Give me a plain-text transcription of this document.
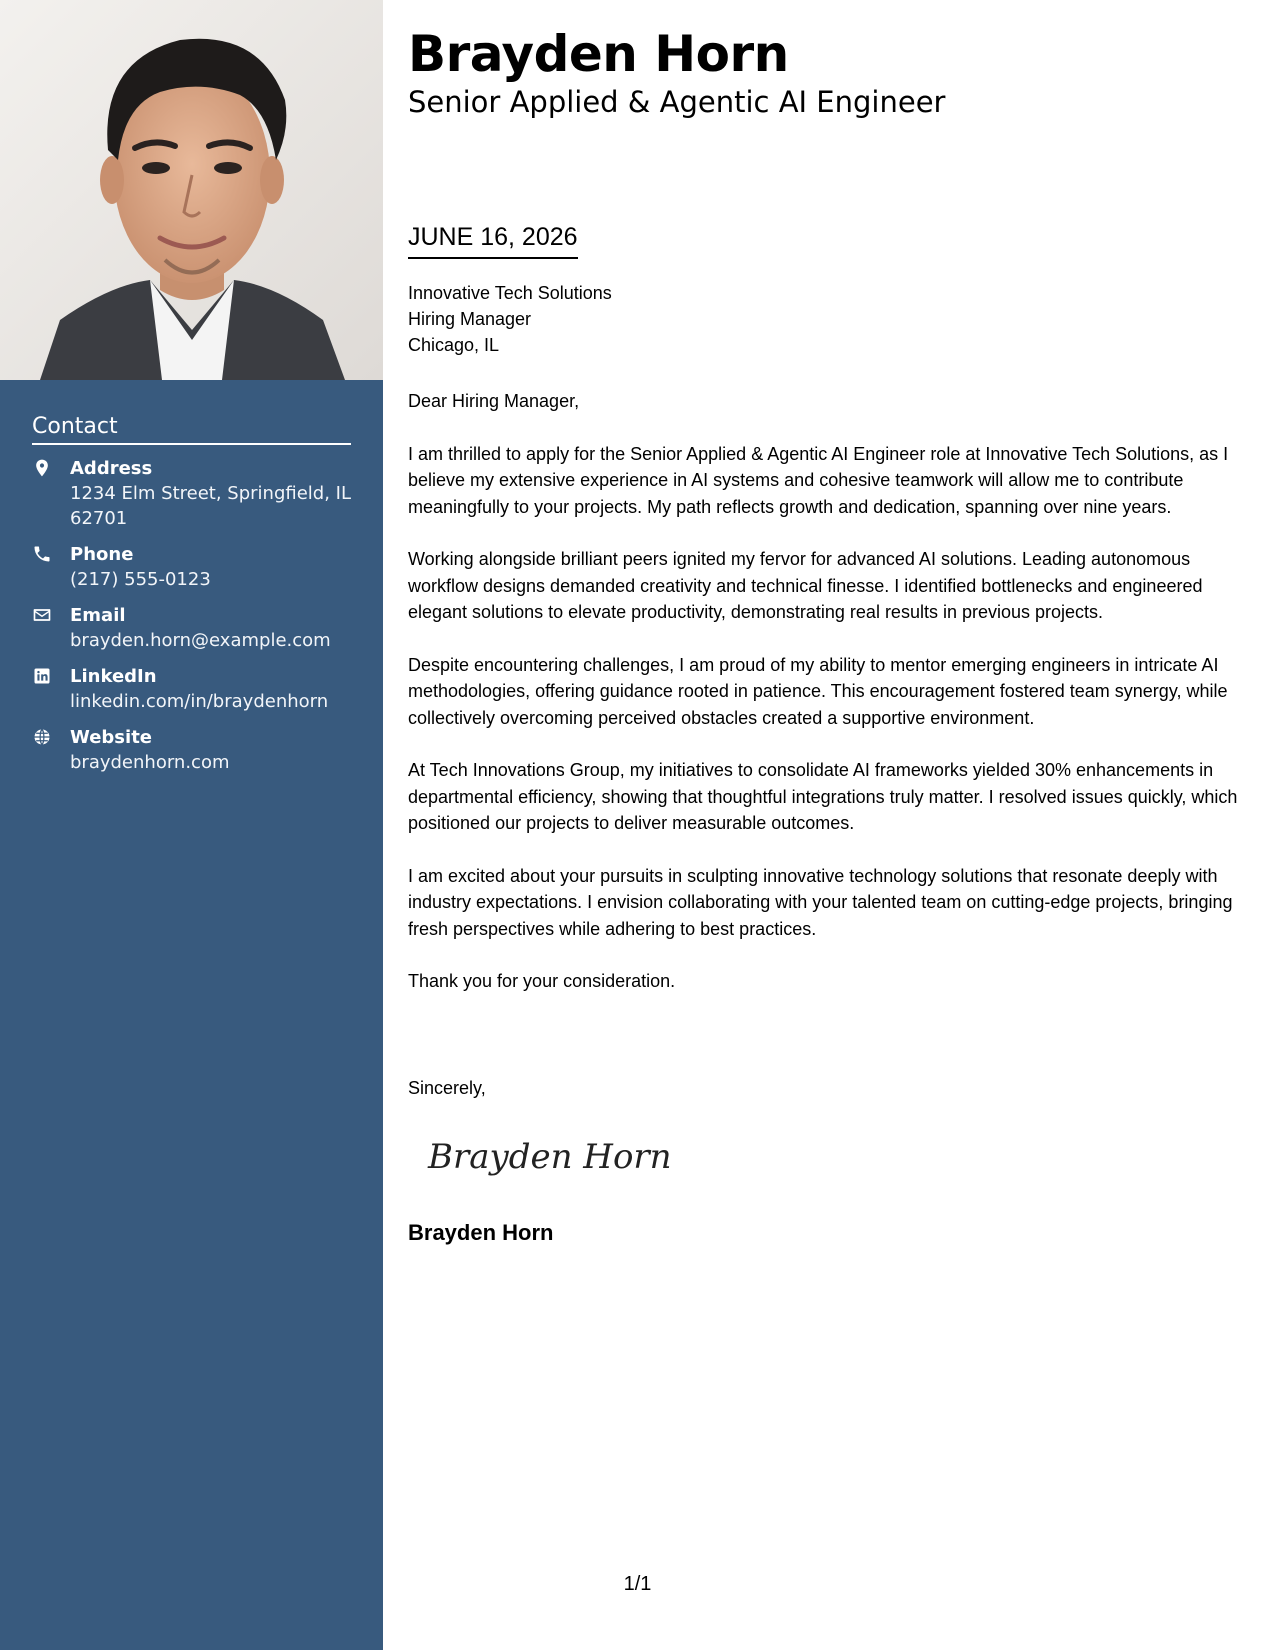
Contact
Address
1234 Elm Street, Springfield, IL 62701
Phone
(217) 555-0123
Email
brayden.horn@example.com
LinkedIn
linkedin.com/in/braydenhorn
Website
braydenhorn.com
Brayden Horn
Senior Applied & Agentic AI Engineer
JUNE 16, 2026
Innovative Tech Solutions
Hiring Manager
Chicago, IL

Dear Hiring Manager,

I am thrilled to apply for the Senior Applied & Agentic AI Engineer role at Innovative Tech Solutions, as I believe my extensive experience in AI systems and cohesive teamwork will allow me to contribute meaningfully to your projects. My path reflects growth and dedication, spanning over nine years.

Working alongside brilliant peers ignited my fervor for advanced AI solutions. Leading autonomous workflow designs demanded creativity and technical finesse. I identified bottlenecks and engineered elegant solutions to elevate productivity, demonstrating real results in previous projects.

Despite encountering challenges, I am proud of my ability to mentor emerging engineers in intricate AI methodologies, offering guidance rooted in patience. This encouragement fostered team synergy, while collectively overcoming perceived obstacles created a supportive environment.

At Tech Innovations Group, my initiatives to consolidate AI frameworks yielded 30% enhancements in departmental efficiency, showing that thoughtful integrations truly matter. I resolved issues quickly, which positioned our projects to deliver measurable outcomes.

I am excited about your pursuits in sculpting innovative technology solutions that resonate deeply with industry expectations. I envision collaborating with your talented team on cutting-edge projects, bringing fresh perspectives while adhering to best practices.

Thank you for your consideration.

Sincerely,
Brayden Horn
Brayden Horn
1/1
